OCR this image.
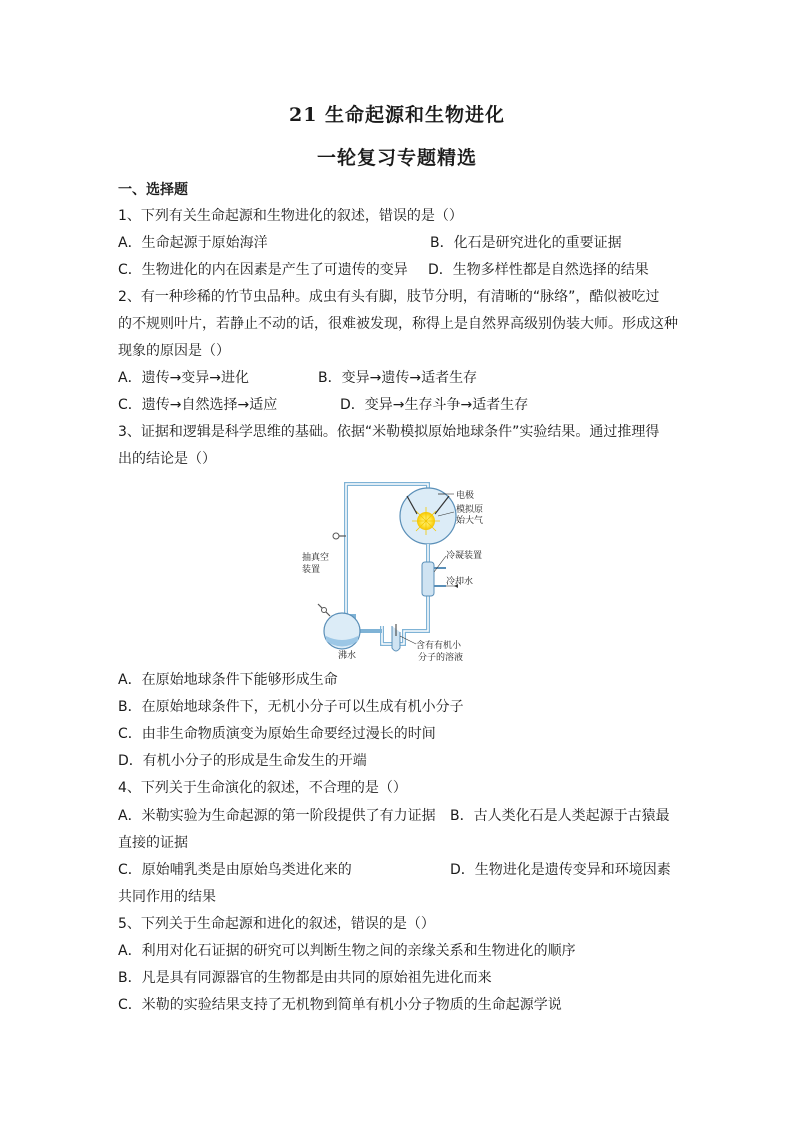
21 生命起源和生物进化
一轮复习专题精选
一、选择题
1、下列有关生命起源和生物进化的叙述，错误的是（）
A．生命起源于原始海洋	B．化石是研究进化的重要证据
C．生物进化的内在因素是产生了可遗传的变异 D．生物多样性都是自然选择的结果
2、有一种珍稀的竹节虫品种。成虫有头有脚，肢节分明，有清晰的“脉络”，酷似被吃过
的不规则叶片，若静止不动的话，很难被发现，称得上是自然界高级别伪装大师。形成这种
现象的原因是（）
A．遗传→变异→进化	B．变异→遗传→适者生存
C．遗传→自然选择→适应	D．变异→生存斗争→适者生存
3、证据和逻辑是科学思维的基础。依据“米勒模拟原始地球条件”实验结果。通过推理得
出的结论是（）
电极
模拟原
始大气
抽真空
装置
冷凝装置
冷却水
沸水
含有有机小
分子的溶液
A．在原始地球条件下能够形成生命
B．在原始地球条件下，无机小分子可以生成有机小分子
C．由非生命物质演变为原始生命要经过漫长的时间
D．有机小分子的形成是生命发生的开端
4、下列关于生命演化的叙述，不合理的是（）
A．米勒实验为生命起源的第一阶段提供了有力证据 B．古人类化石是人类起源于古猿最
直接的证据
C．原始哺乳类是由原始鸟类进化来的	D．生物进化是遗传变异和环境因素
共同作用的结果
5、下列关于生命起源和进化的叙述，错误的是（）
A．利用对化石证据的研究可以判断生物之间的亲缘关系和生物进化的顺序
B．凡是具有同源器官的生物都是由共同的原始祖先进化而来
C．米勒的实验结果支持了无机物到简单有机小分子物质的生命起源学说
